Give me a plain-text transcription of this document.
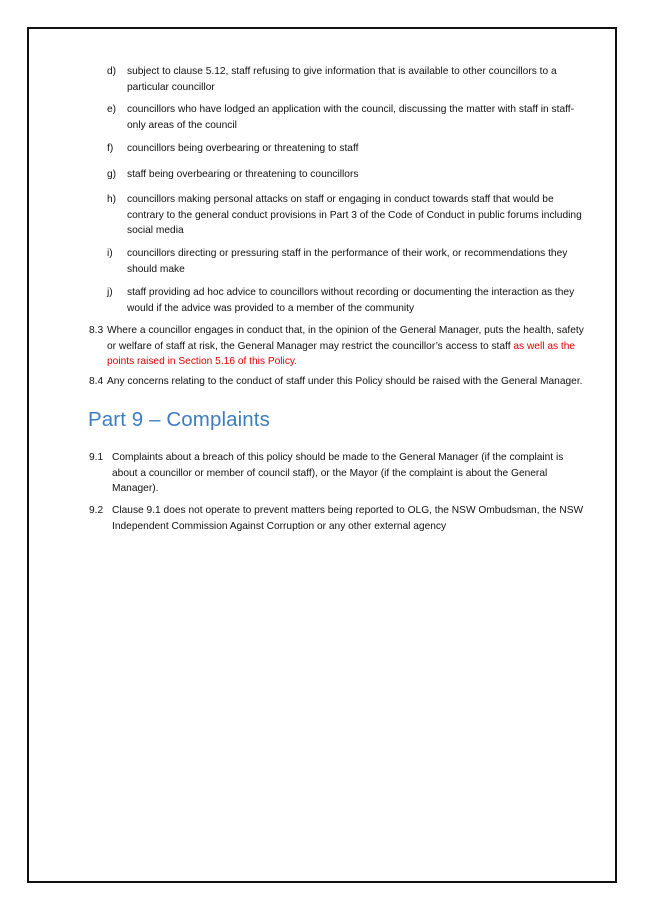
d)	subject to clause 5.12, staff refusing to give information that is available to other councillors to a particular councillor
e)	councillors who have lodged an application with the council, discussing the matter with staff in staff-only areas of the council
f)	councillors being overbearing or threatening to staff
g)	staff being overbearing or threatening to councillors
h)	councillors making personal attacks on staff or engaging in conduct towards staff that would be contrary to the general conduct provisions in Part 3 of the Code of Conduct in public forums including social media
i)	councillors directing or pressuring staff in the performance of their work, or recommendations they should make
j)	staff providing ad hoc advice to councillors without recording or documenting the interaction as they would if the advice was provided to a member of the community
8.3 Where a councillor engages in conduct that, in the opinion of the General Manager, puts the health, safety or welfare of staff at risk, the General Manager may restrict the councillor’s access to staff as well as the points raised in Section 5.16 of this Policy.
8.4 Any concerns relating to the conduct of staff under this Policy should be raised with the General Manager.
Part 9 – Complaints
9.1 Complaints about a breach of this policy should be made to the General Manager (if the complaint is about a councillor or member of council staff), or the Mayor (if the complaint is about the General Manager).
9.2 Clause 9.1 does not operate to prevent matters being reported to OLG, the NSW Ombudsman, the NSW Independent Commission Against Corruption or any other external agency
